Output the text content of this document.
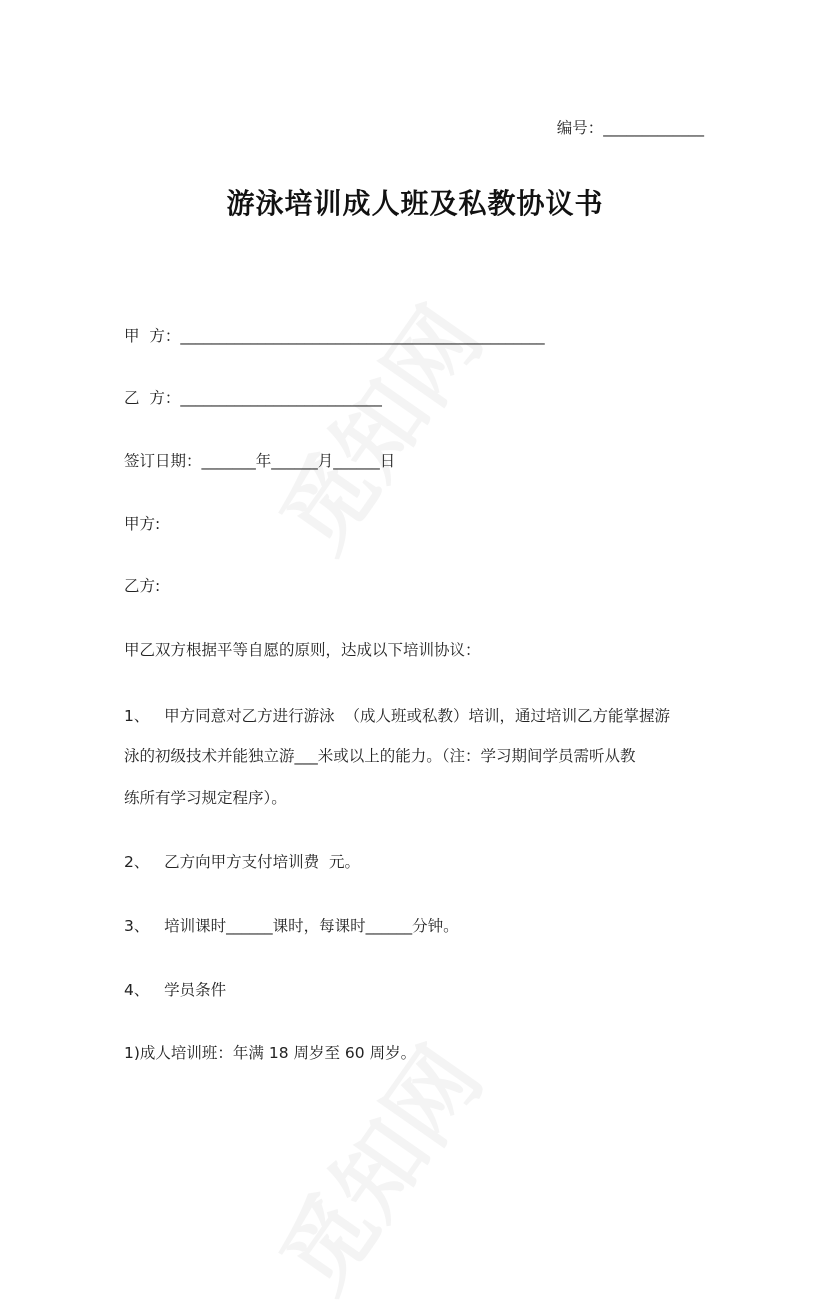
编号：_____________
游泳培训成人班及私教协议书
甲  方：_______________________________________________
乙  方：__________________________
签订日期：_______年______月______日
甲方:
乙方:
甲乙双方根据平等自愿的原则，达成以下培训协议：
1、   甲方同意对乙方进行游泳  （成人班或私教）培训，通过培训乙方能掌握游
泳的初级技术并能独立游___米或以上的能力。（注：学习期间学员需听从教
练所有学习规定程序）。
2、   乙方向甲方支付培训费  元。
3、   培训课时______课时，每课时______分钟。
4、   学员条件
1)成人培训班：年满 18 周岁至 60 周岁。
